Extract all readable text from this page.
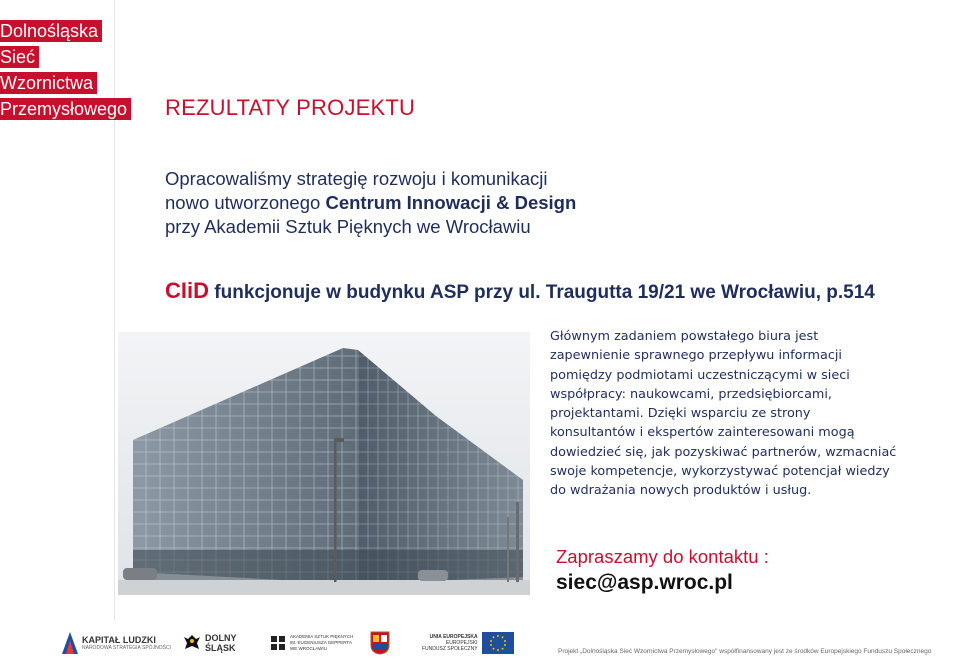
Dolnośląska
Sieć
Wzornictwa
Przemysłowego REZULTATY PROJEKTU
Opracowaliśmy strategię rozwoju i komunikacji
nowo utworzonego Centrum Innowacji & Design
przy Akademii Sztuk Pięknych we Wrocławiu
CIiD funkcjonuje w budynku ASP przy ul. Traugutta 19/21 we Wrocławiu, p.514
Głównym zadaniem powstałego biura jest
zapewnienie sprawnego przepływu informacji
pomiędzy podmiotami uczestniczącymi w sieci
współpracy: naukowcami, przedsiębiorcami,
projektantami. Dzięki wsparciu ze strony
konsultantów i ekspertów zainteresowani mogą
dowiedzieć się, jak pozyskiwać partnerów, wzmacniać
swoje kompetencje, wykorzystywać potencjał wiedzy
do wdrażania nowych produktów i usług.
Zapraszamy do kontaktu :
siec@asp.wroc.pl
KAPITAŁ LUDZKI
NARODOWA STRATEGIA SPÓJNOŚCI
DOLNY
ŚLĄSK
AKADEMIA SZTUK PIĘKNYCH
IM. EUGENIUSZA GEPPERTA
WE WROCŁAWIU
UNIA EUROPEJSKA
EUROPEJSKI
FUNDUSZ SPOŁECZNY	Projekt „Dolnośląska Sieć Wzornictwa Przemysłowego" współfinansowany jest ze środków Europejskiego Funduszu Społecznego
